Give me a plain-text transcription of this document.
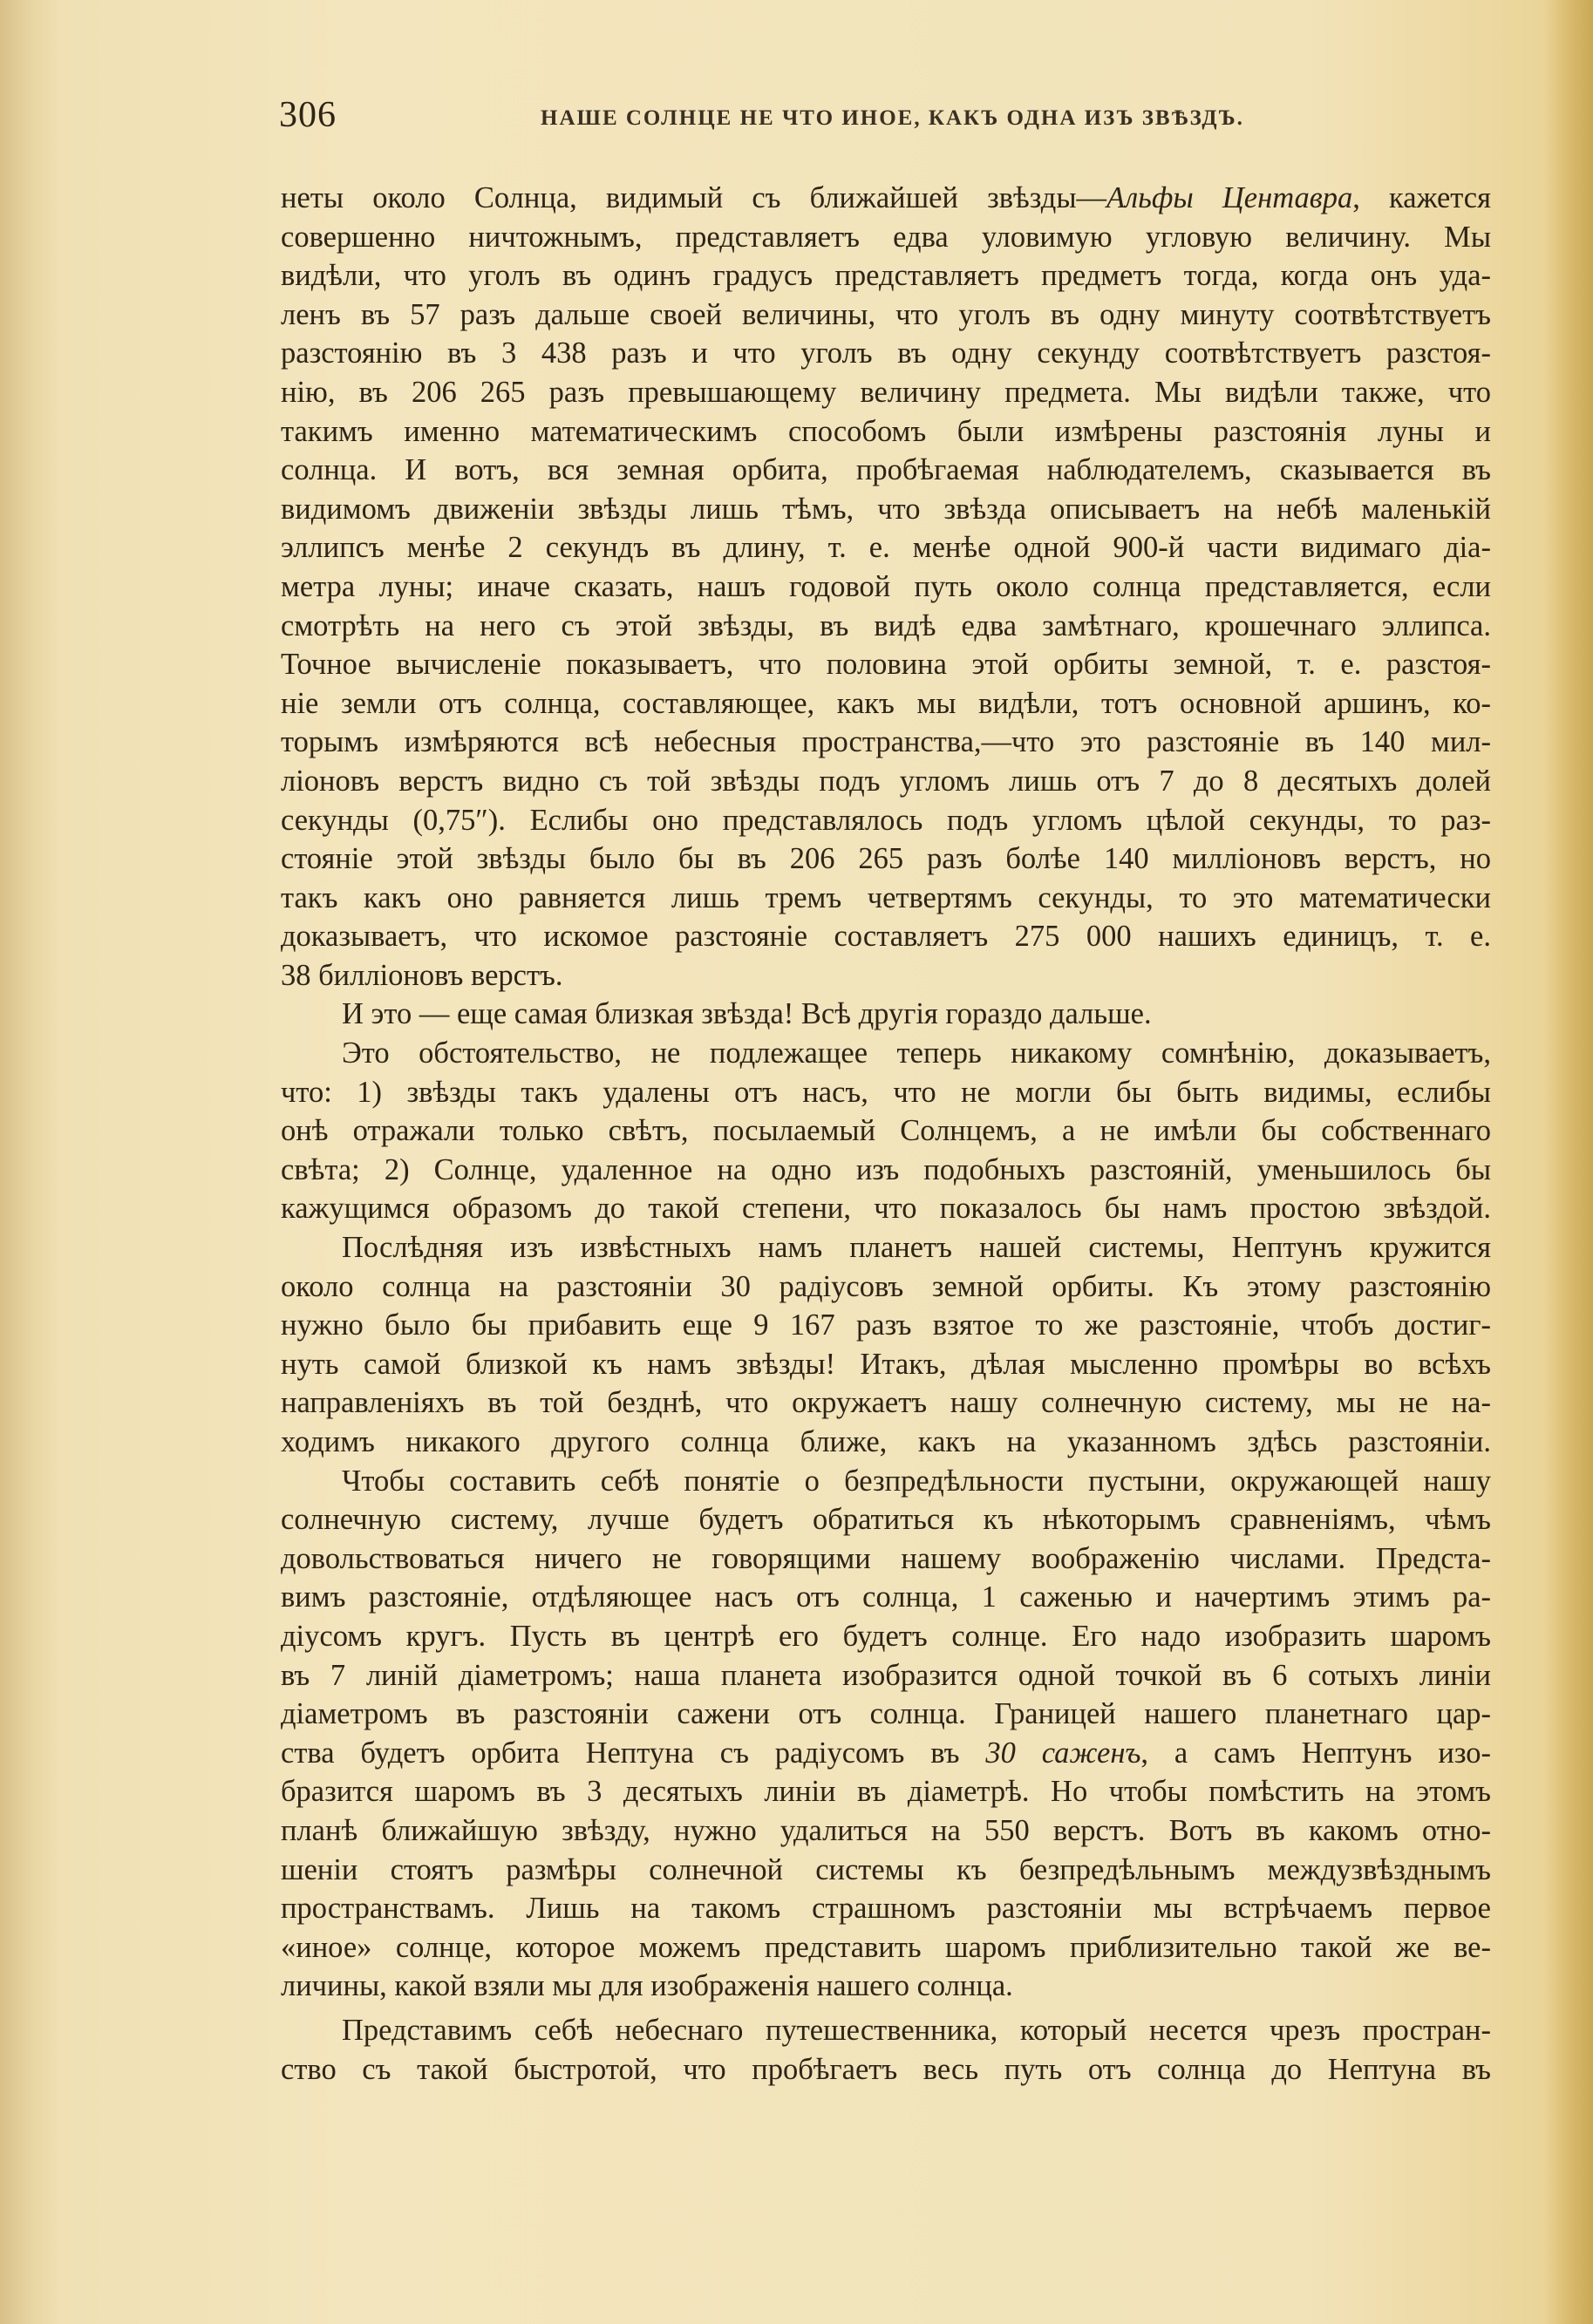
306	НАШЕ СОЛНЦЕ НЕ ЧТО ИНОЕ, КАКЪ ОДНА ИЗЪ ЗВѢЗДЪ.
неты около Солнца, видимый съ ближайшей звѣзды—Альфы Центавра, кажется
совершенно ничтожнымъ, представляетъ едва уловимую угловую величину. Мы
видѣли, что уголъ въ одинъ градусъ представляетъ предметъ тогда, когда онъ уда-
ленъ въ 57 разъ дальше своей величины, что уголъ въ одну минуту соотвѣтствуетъ
разстоянію въ 3 438 разъ и что уголъ въ одну секунду соотвѣтствуетъ разстоя-
нію, въ 206 265 разъ превышающему величину предмета. Мы видѣли также, что
такимъ именно математическимъ способомъ были измѣрены разстоянія луны и
солнца. И вотъ, вся земная орбита, пробѣгаемая наблюдателемъ, сказывается въ
видимомъ движеніи звѣзды лишь тѣмъ, что звѣзда описываетъ на небѣ маленькій
эллипсъ менѣе 2 секундъ въ длину, т. е. менѣе одной 900-й части видимаго діа-
метра луны; иначе сказать, нашъ годовой путь около солнца представляется, если
смотрѣть на него съ этой звѣзды, въ видѣ едва замѣтнаго, крошечнаго эллипса.
Точное вычисленіе показываетъ, что половина этой орбиты земной, т. е. разстоя-
ніе земли отъ солнца, составляющее, какъ мы видѣли, тотъ основной аршинъ, ко-
торымъ измѣряются всѣ небесныя пространства,—что это разстояніе въ 140 мил-
ліоновъ верстъ видно съ той звѣзды подъ угломъ лишь отъ 7 до 8 десятыхъ долей
секунды (0,75″). Еслибы оно представлялось подъ угломъ цѣлой секунды, то раз-
стояніе этой звѣзды было бы въ 206 265 разъ болѣе 140 милліоновъ верстъ, но
такъ какъ оно равняется лишь тремъ четвертямъ секунды, то это математически
доказываетъ, что искомое разстояніе составляетъ 275 000 нашихъ единицъ, т. е.
38 билліоновъ верстъ.
И это — еще самая близкая звѣзда! Всѣ другія гораздо дальше.
Это обстоятельство, не подлежащее теперь никакому сомнѣнію, доказываетъ,
что: 1) звѣзды такъ удалены отъ насъ, что не могли бы быть видимы, еслибы
онѣ отражали только свѣтъ, посылаемый Солнцемъ, а не имѣли бы собственнаго
свѣта; 2) Солнце, удаленное на одно изъ подобныхъ разстояній, уменьшилось бы
кажущимся образомъ до такой степени, что показалось бы намъ простою звѣздой.
Послѣдняя изъ извѣстныхъ намъ планетъ нашей системы, Нептунъ кружится
около солнца на разстояніи 30 радіусовъ земной орбиты. Къ этому разстоянію
нужно было бы прибавить еще 9 167 разъ взятое то же разстояніе, чтобъ достиг-
нуть самой близкой къ намъ звѣзды! Итакъ, дѣлая мысленно промѣры во всѣхъ
направленіяхъ въ той безднѣ, что окружаетъ нашу солнечную систему, мы не на-
ходимъ никакого другого солнца ближе, какъ на указанномъ здѣсь разстояніи.
Чтобы составить себѣ понятіе о безпредѣльности пустыни, окружающей нашу
солнечную систему, лучше будетъ обратиться къ нѣкоторымъ сравненіямъ, чѣмъ
довольствоваться ничего не говорящими нашему воображенію числами. Предста-
вимъ разстояніе, отдѣляющее насъ отъ солнца, 1 саженью и начертимъ этимъ ра-
діусомъ кругъ. Пусть въ центрѣ его будетъ солнце. Его надо изобразить шаромъ
въ 7 линій діаметромъ; наша планета изобразится одной точкой въ 6 сотыхъ линіи
діаметромъ въ разстояніи сажени отъ солнца. Границей нашего планетнаго цар-
ства будетъ орбита Нептуна съ радіусомъ въ 30 саженъ, а самъ Нептунъ изо-
бразится шаромъ въ 3 десятыхъ линіи въ діаметрѣ. Но чтобы помѣстить на этомъ
планѣ ближайшую звѣзду, нужно удалиться на 550 верстъ. Вотъ въ какомъ отно-
шеніи стоятъ размѣры солнечной системы къ безпредѣльнымъ междузвѣзднымъ
пространствамъ. Лишь на такомъ страшномъ разстояніи мы встрѣчаемъ первое
«иное» солнце, которое можемъ представить шаромъ приблизительно такой же ве-
личины, какой взяли мы для изображенія нашего солнца.
Представимъ себѣ небеснаго путешественника, который несется чрезъ простран-
ство съ такой быстротой, что пробѣгаетъ весь путь отъ солнца до Нептуна въ
